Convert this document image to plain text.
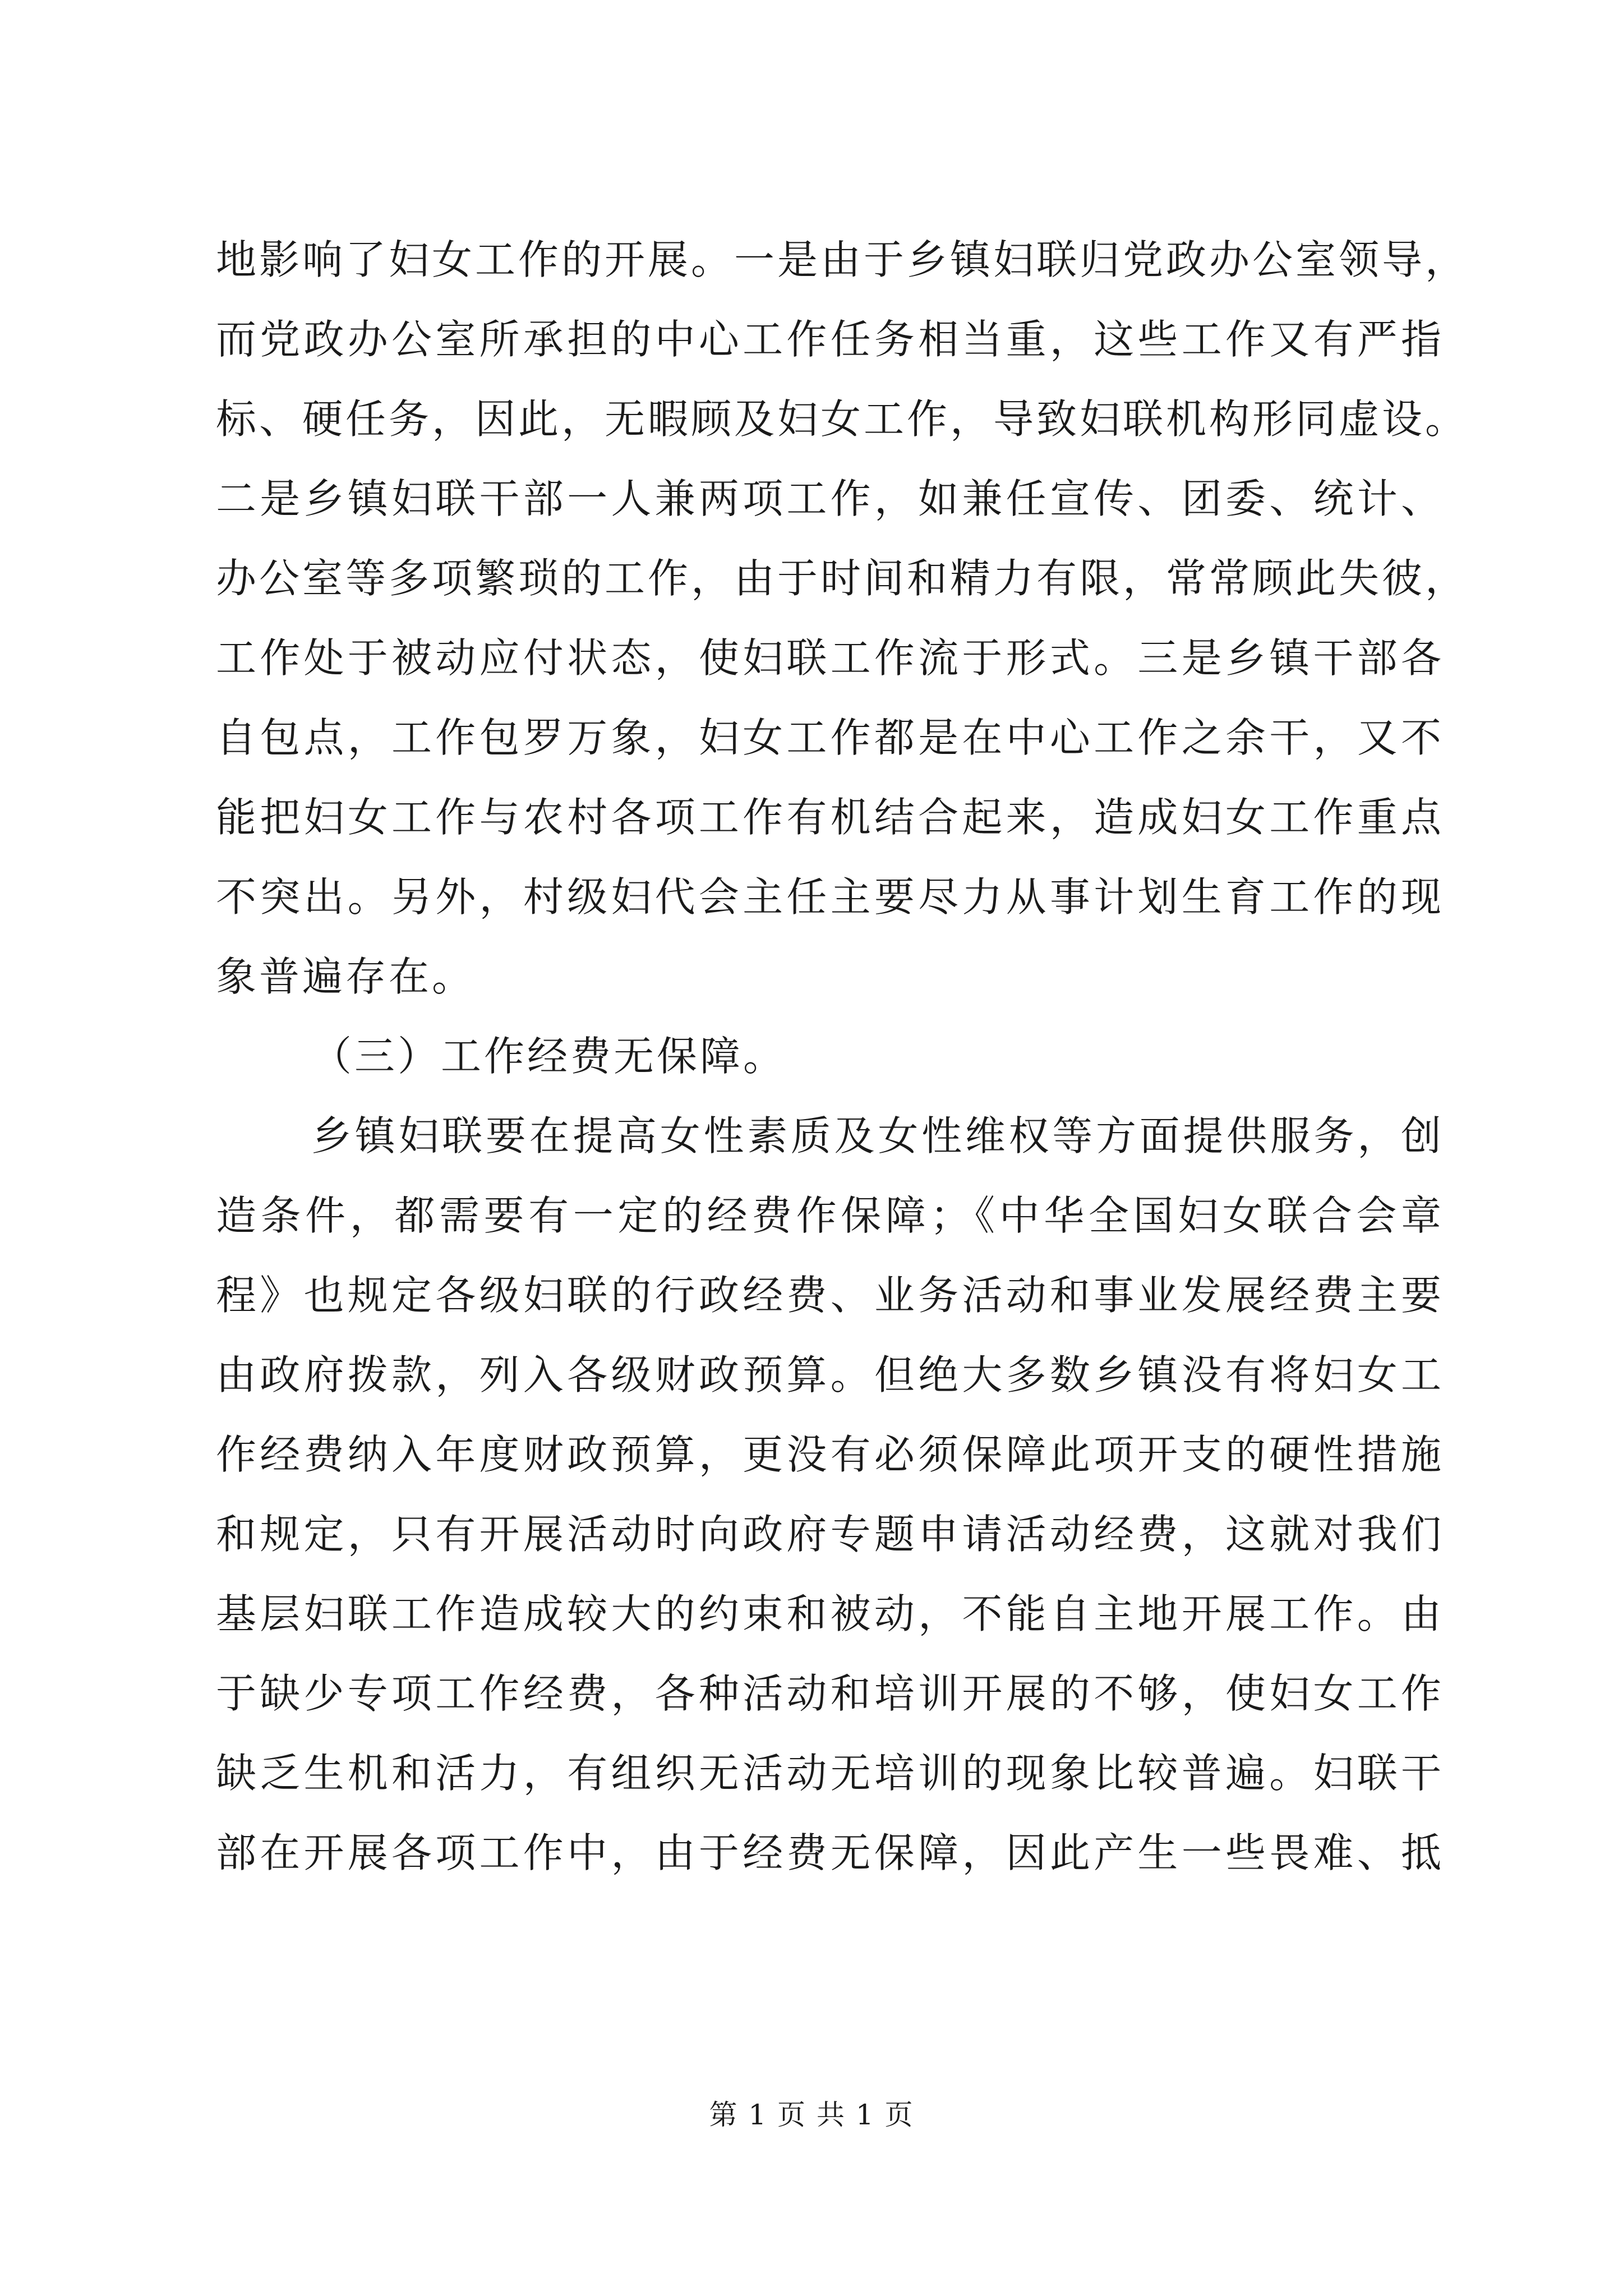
地影响了妇女工作的开展。一是由于乡镇妇联归党政办公室领导，
而党政办公室所承担的中心工作任务相当重，这些工作又有严指
标、硬任务，因此，无暇顾及妇女工作，导致妇联机构形同虚设。
二是乡镇妇联干部一人兼两项工作，如兼任宣传、团委、统计、
办公室等多项繁琐的工作，由于时间和精力有限，常常顾此失彼，
工作处于被动应付状态，使妇联工作流于形式。三是乡镇干部各
自包点，工作包罗万象，妇女工作都是在中心工作之余干，又不
能把妇女工作与农村各项工作有机结合起来，造成妇女工作重点
不突出。另外，村级妇代会主任主要尽力从事计划生育工作的现
象普遍存在。
（三）工作经费无保障。
乡镇妇联要在提高女性素质及女性维权等方面提供服务，创
造条件，都需要有一定的经费作保障；《中华全国妇女联合会章
程》也规定各级妇联的行政经费、业务活动和事业发展经费主要
由政府拨款，列入各级财政预算。但绝大多数乡镇没有将妇女工
作经费纳入年度财政预算，更没有必须保障此项开支的硬性措施
和规定，只有开展活动时向政府专题申请活动经费，这就对我们
基层妇联工作造成较大的约束和被动，不能自主地开展工作。由
于缺少专项工作经费，各种活动和培训开展的不够，使妇女工作
缺乏生机和活力，有组织无活动无培训的现象比较普遍。妇联干
部在开展各项工作中，由于经费无保障，因此产生一些畏难、抵
第 1 页 共 1 页
